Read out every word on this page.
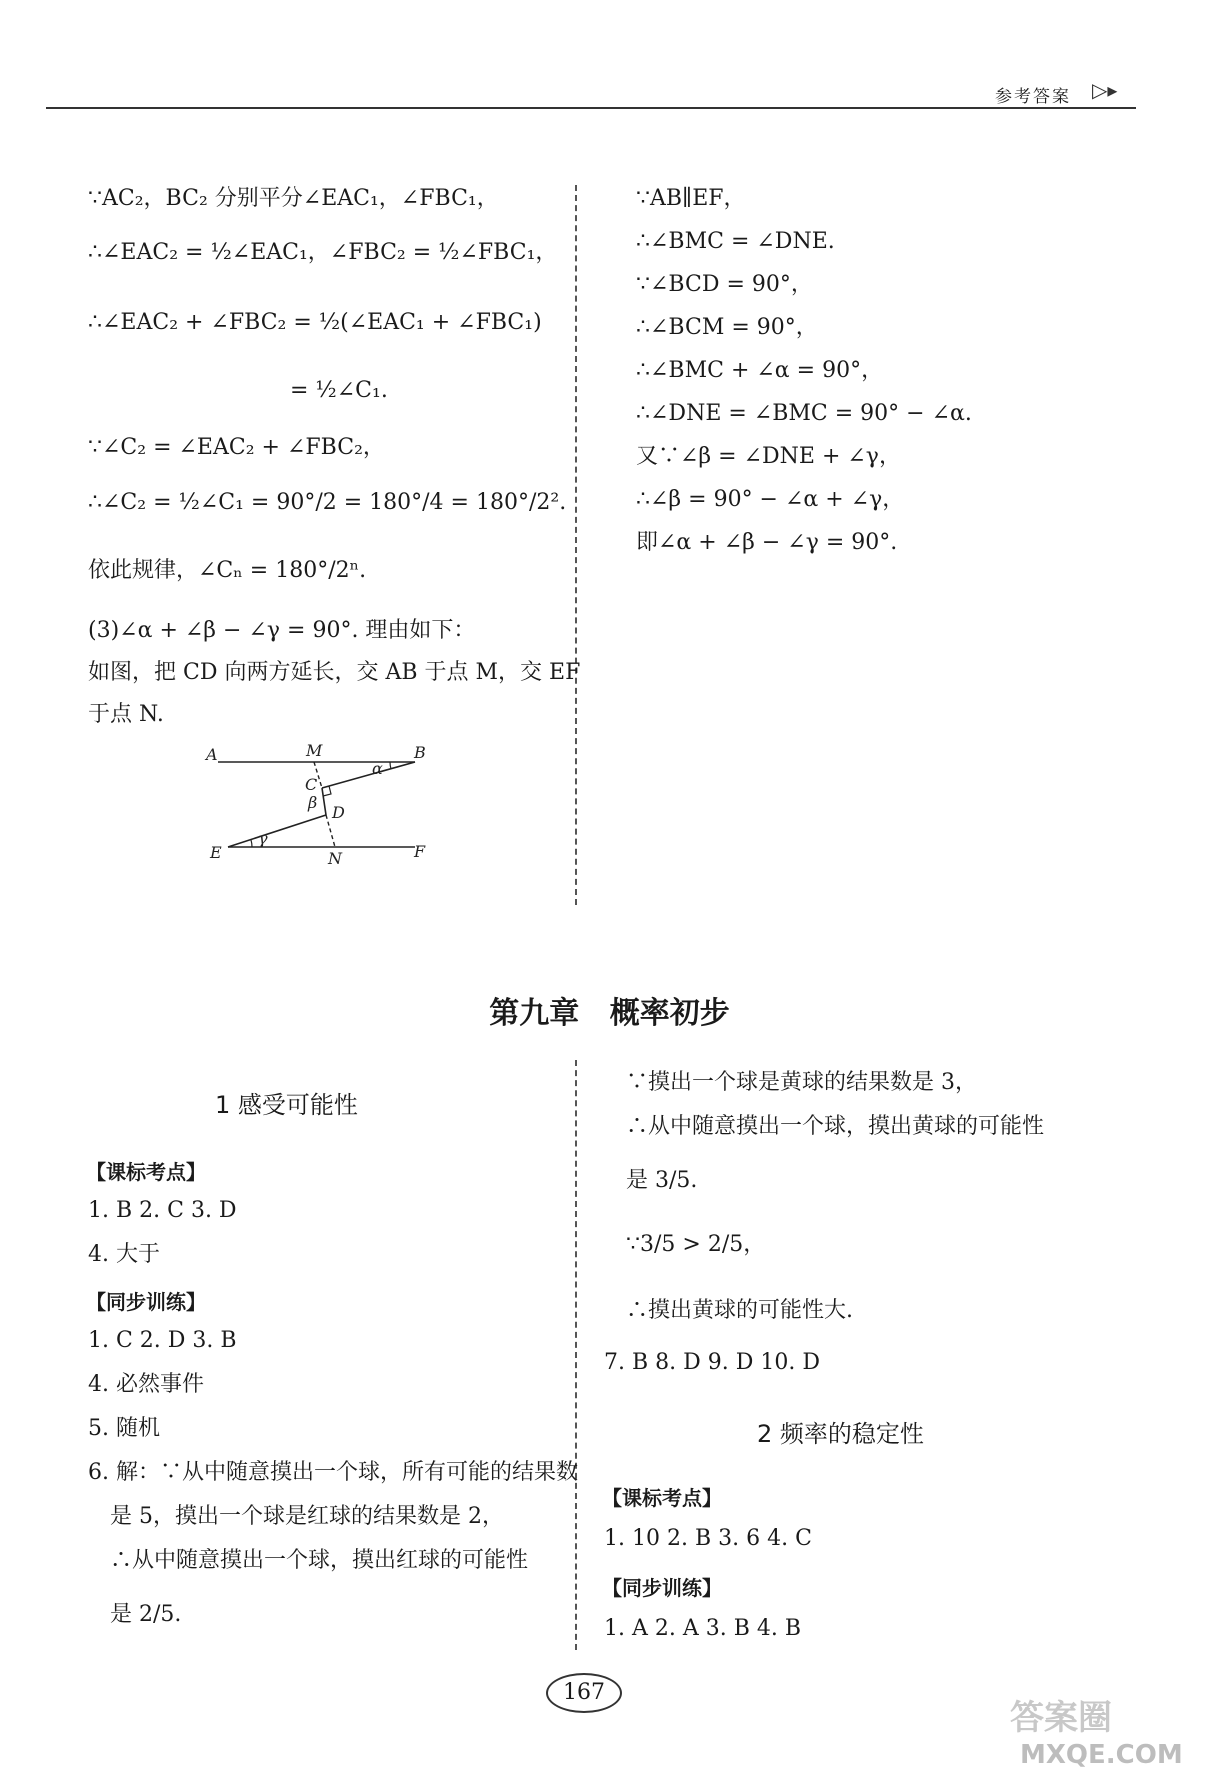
参考答案 ▷▸
∵AC₂，BC₂ 分别平分∠EAC₁，∠FBC₁，
∴∠EAC₂ = ½∠EAC₁，∠FBC₂ = ½∠FBC₁，
∴∠EAC₂ + ∠FBC₂ = ½(∠EAC₁ + ∠FBC₁)
= ½∠C₁.
∵∠C₂ = ∠EAC₂ + ∠FBC₂，
∴∠C₂ = ½∠C₁ = 90°/2 = 180°/4 = 180°/2².
依此规律，∠Cₙ = 180°/2ⁿ.
(3)∠α + ∠β − ∠γ = 90°. 理由如下：
如图，把 CD 向两方延长，交 AB 于点 M，交 EF
于点 N.
A	M	B
C
α
β
D
E
γ
N	F
∵AB∥EF，
∴∠BMC = ∠DNE.
∵∠BCD = 90°，
∴∠BCM = 90°，
∴∠BMC + ∠α = 90°，
∴∠DNE = ∠BMC = 90° − ∠α.
又∵∠β = ∠DNE + ∠γ，
∴∠β = 90° − ∠α + ∠γ，
即∠α + ∠β − ∠γ = 90°.
第九章 概率初步
1 感受可能性
【课标考点】
1. B 2. C 3. D
4. 大于
【同步训练】
1. C 2. D 3. B
4. 必然事件
5. 随机
6. 解：∵从中随意摸出一个球，所有可能的结果数
是 5，摸出一个球是红球的结果数是 2，
∴从中随意摸出一个球，摸出红球的可能性
是 2/5.
∵摸出一个球是黄球的结果数是 3，
∴从中随意摸出一个球，摸出黄球的可能性
是 3/5.
∵3/5 > 2/5，
∴摸出黄球的可能性大.
7. B 8. D 9. D 10. D
2 频率的稳定性
【课标考点】
1. 10 2. B 3. 6 4. C
【同步训练】
1. A 2. A 3. B 4. B
167
答案圈
MXQE.COM
